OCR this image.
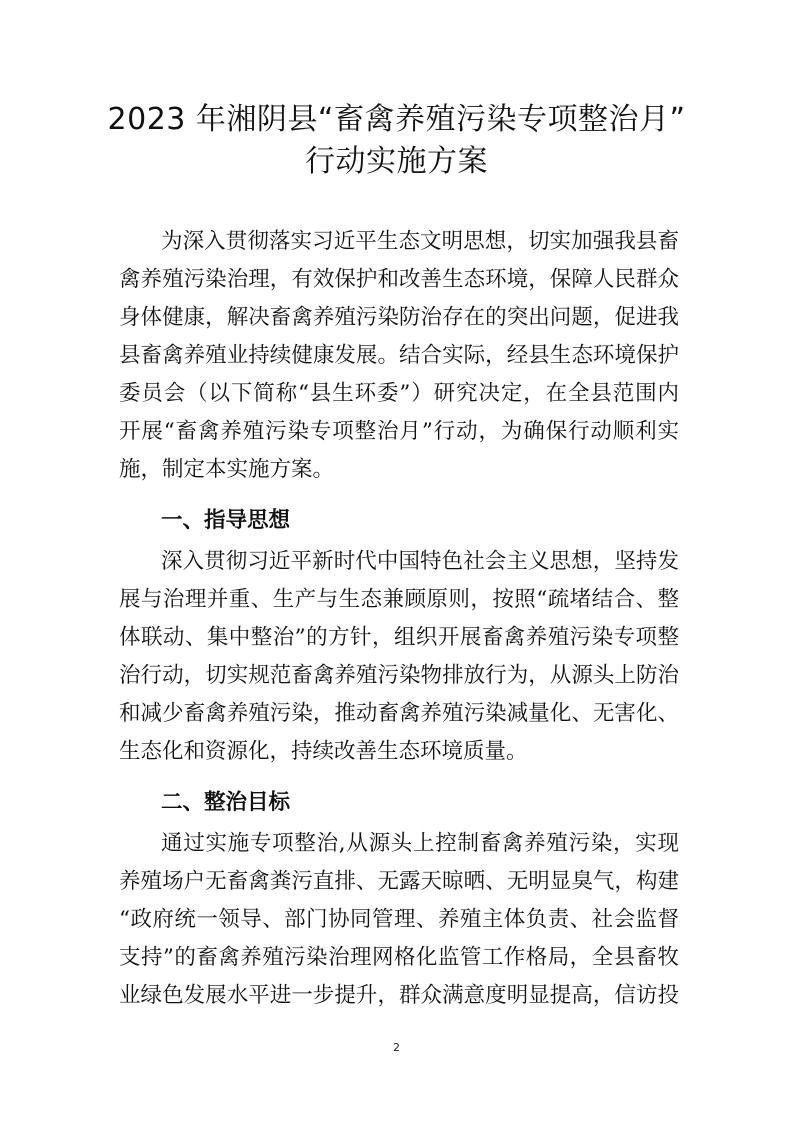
2023 年湘阴县“畜禽养殖污染专项整治月”
行动实施方案
为深入贯彻落实习近平生态文明思想，切实加强我县畜
禽养殖污染治理，有效保护和改善生态环境，保障人民群众
身体健康，解决畜禽养殖污染防治存在的突出问题，促进我
县畜禽养殖业持续健康发展。结合实际，经县生态环境保护
委员会（以下简称“县生环委”）研究决定，在全县范围内
开展“畜禽养殖污染专项整治月”行动，为确保行动顺利实
施，制定本实施方案。
一、指导思想
深入贯彻习近平新时代中国特色社会主义思想，坚持发
展与治理并重、生产与生态兼顾原则，按照“疏堵结合、整
体联动、集中整治”的方针，组织开展畜禽养殖污染专项整
治行动，切实规范畜禽养殖污染物排放行为，从源头上防治
和减少畜禽养殖污染，推动畜禽养殖污染减量化、无害化、
生态化和资源化，持续改善生态环境质量。
二、整治目标
通过实施专项整治,从源头上控制畜禽养殖污染，实现
养殖场户无畜禽粪污直排、无露天晾晒、无明显臭气，构建
“政府统一领导、部门协同管理、养殖主体负责、社会监督
支持”的畜禽养殖污染治理网格化监管工作格局，全县畜牧
业绿色发展水平进一步提升，群众满意度明显提高，信访投
2
